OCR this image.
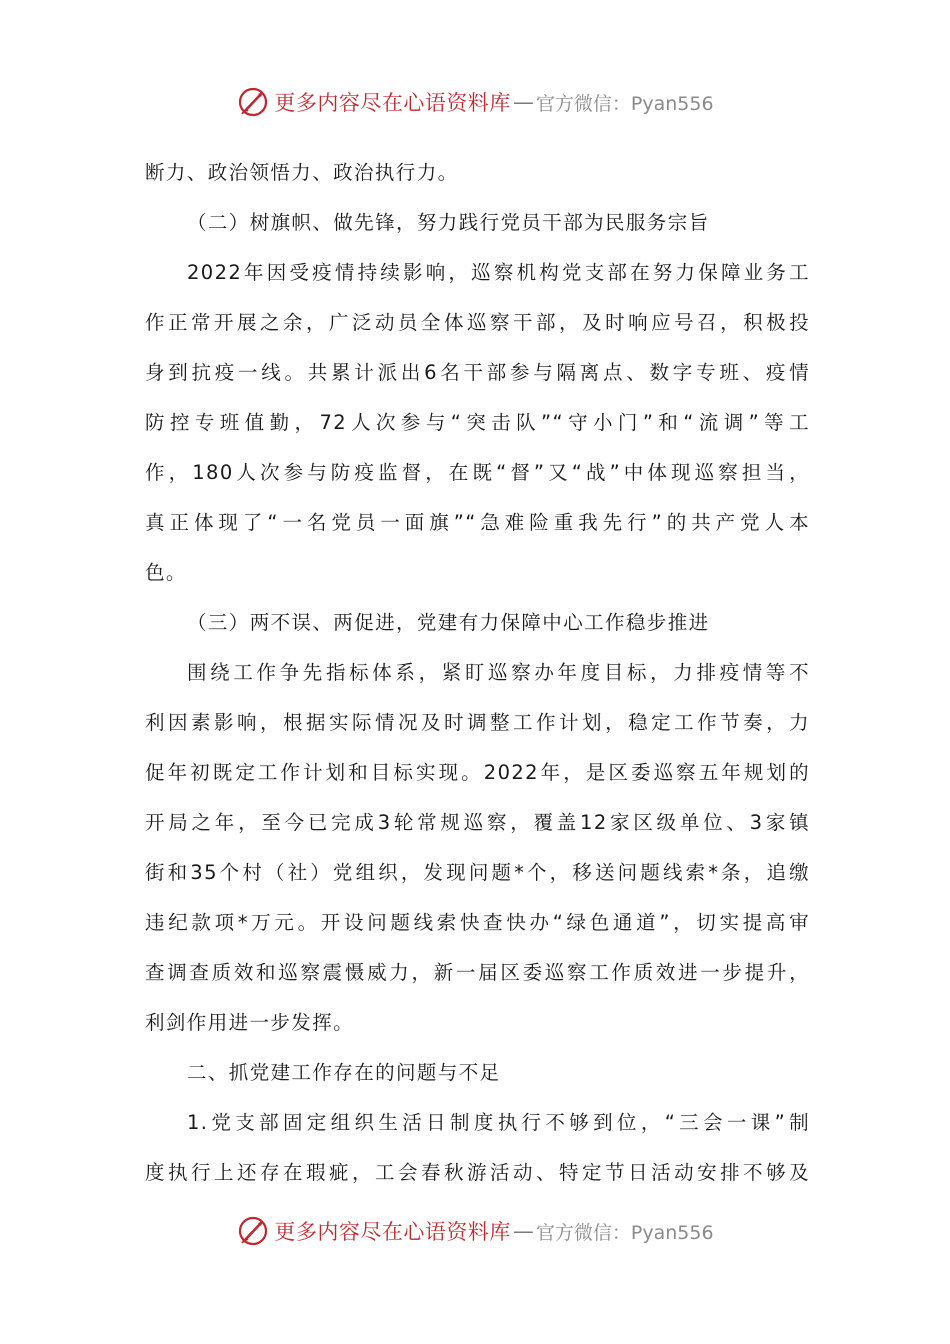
更多内容尽在心语资料库 — 官方微信：Pyan556
断力、政治领悟力、政治执行力。
（二）树旗帜、做先锋，努力践行党员干部为民服务宗旨
2022年因受疫情持续影响，巡察机构党支部在努力保障业务工
作正常开展之余，广泛动员全体巡察干部，及时响应号召，积极投
身到抗疫一线。共累计派出6名干部参与隔离点、数字专班、疫情
防控专班值勤，72人次参与“突击队”“守小门”和“流调”等工
作，180人次参与防疫监督，在既“督”又“战”中体现巡察担当，
真正体现了“一名党员一面旗”“急难险重我先行”的共产党人本
色。
（三）两不误、两促进，党建有力保障中心工作稳步推进
围绕工作争先指标体系，紧盯巡察办年度目标，力排疫情等不
利因素影响，根据实际情况及时调整工作计划，稳定工作节奏，力
促年初既定工作计划和目标实现。2022年，是区委巡察五年规划的
开局之年，至今已完成3轮常规巡察，覆盖12家区级单位、3家镇
街和35个村（社）党组织，发现问题*个，移送问题线索*条，追缴
违纪款项*万元。开设问题线索快查快办“绿色通道”，切实提高审
查调查质效和巡察震慑威力，新一届区委巡察工作质效进一步提升，
利剑作用进一步发挥。
二、抓党建工作存在的问题与不足
1.党支部固定组织生活日制度执行不够到位，“三会一课”制
度执行上还存在瑕疵，工会春秋游活动、特定节日活动安排不够及
更多内容尽在心语资料库 — 官方微信：Pyan556
